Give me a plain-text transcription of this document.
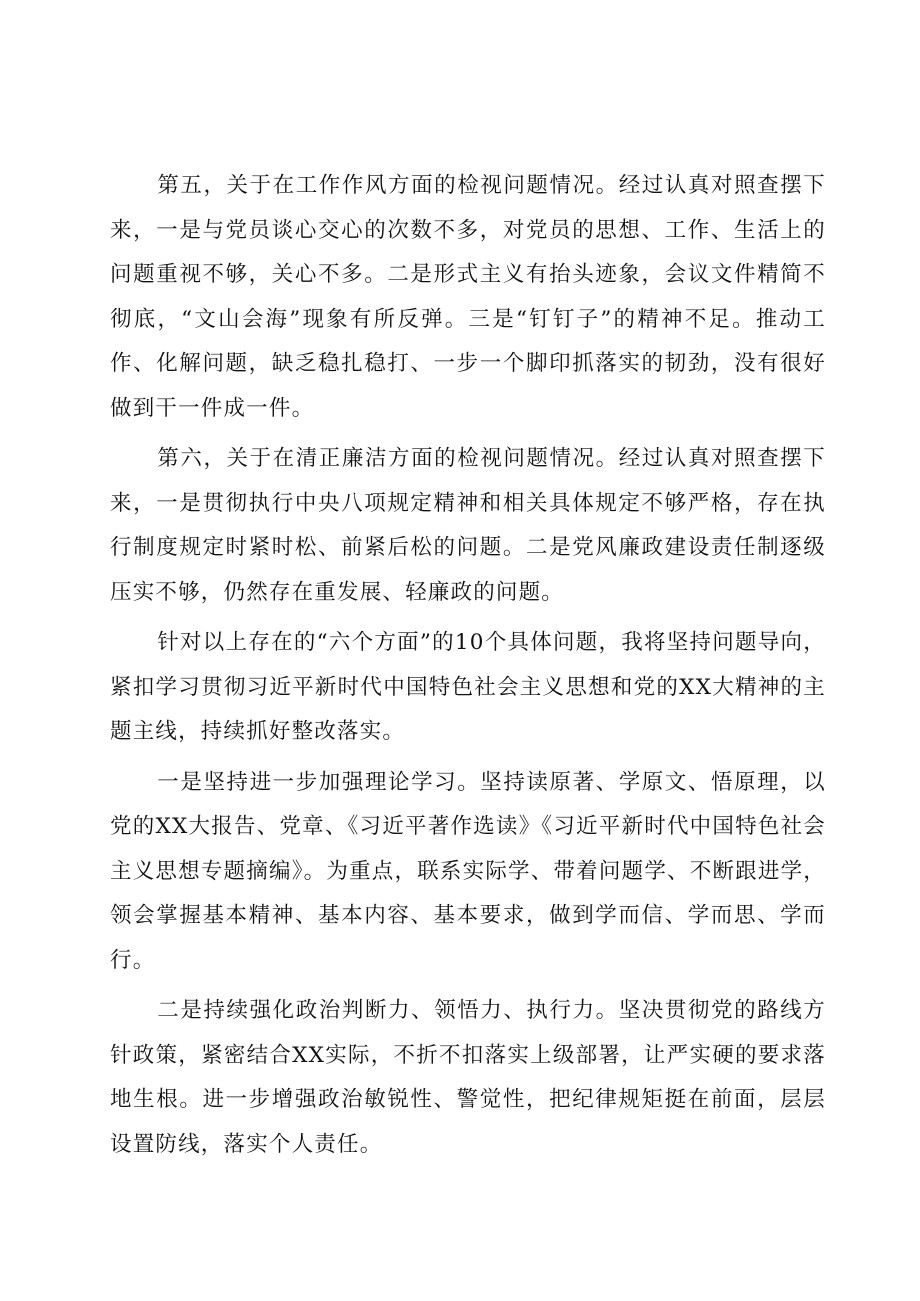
第五，关于在工作作风方面的检视问题情况。经过认真对照查摆下来，一是与党员谈心交心的次数不多，对党员的思想、工作、生活上的问题重视不够，关心不多。二是形式主义有抬头迹象，会议文件精简不彻底，“文山会海”现象有所反弹。三是“钉钉子”的精神不足。推动工作、化解问题，缺乏稳扎稳打、一步一个脚印抓落实的韧劲，没有很好做到干一件成一件。

第六，关于在清正廉洁方面的检视问题情况。经过认真对照查摆下来，一是贯彻执行中央八项规定精神和相关具体规定不够严格，存在执行制度规定时紧时松、前紧后松的问题。二是党风廉政建设责任制逐级压实不够，仍然存在重发展、轻廉政的问题。

针对以上存在的“六个方面”的10个具体问题，我将坚持问题导向，紧扣学习贯彻习近平新时代中国特色社会主义思想和党的XX大精神的主题主线，持续抓好整改落实。

一是坚持进一步加强理论学习。坚持读原著、学原文、悟原理，以党的XX大报告、党章、《习近平著作选读》《习近平新时代中国特色社会主义思想专题摘编》。为重点，联系实际学、带着问题学、不断跟进学，领会掌握基本精神、基本内容、基本要求，做到学而信、学而思、学而行。

二是持续强化政治判断力、领悟力、执行力。坚决贯彻党的路线方针政策，紧密结合XX实际，不折不扣落实上级部署，让严实硬的要求落地生根。进一步增强政治敏锐性、警觉性，把纪律规矩挺在前面，层层设置防线，落实个人责任。
